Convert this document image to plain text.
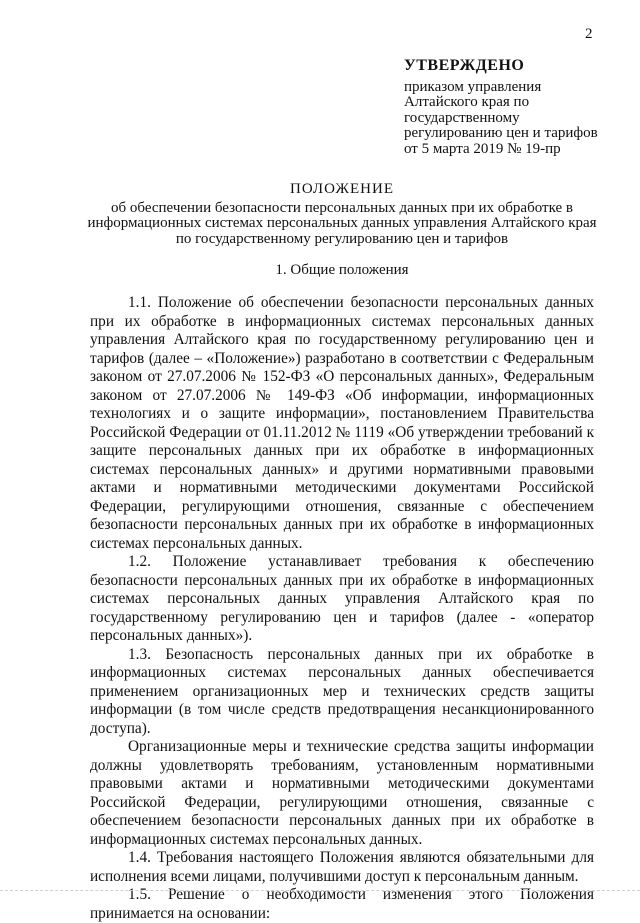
2
УТВЕРЖДЕНО
приказом управления
Алтайского края по
государственному
регулированию цен и тарифов
от 5 марта 2019 № 19-пр
ПОЛОЖЕНИЕ
об обеспечении безопасности персональных данных при их обработке в
информационных системах персональных данных управления Алтайского края
по государственному регулированию цен и тарифов
1. Общие положения

1.1. Положение об обеспечении безопасности персональных данных при их обработке в информационных системах персональных данных управления Алтайского края по государственному регулированию цен и тарифов (далее – «Положение») разработано в соответствии с Федеральным законом от 27.07.2006 № 152-ФЗ «О персональных данных», Федеральным законом от 27.07.2006 № 149-ФЗ «Об информации, информационных технологиях и о защите информации», постановлением Правительства Российской Федерации от 01.11.2012 № 1119 «Об утверждении требований к защите персональных данных при их обработке в информационных системах персональных данных» и другими нормативными правовыми актами и нормативными методическими документами Российской Федерации, регулирующими отношения, связанные с обеспечением безопасности персональных данных при их обработке в информационных системах персональных данных.

1.2. Положение устанавливает требования к обеспечению безопасности персональных данных при их обработке в информационных системах персональных данных управления Алтайского края по государственному регулированию цен и тарифов (далее - «оператор персональных данных»).

1.3. Безопасность персональных данных при их обработке в информационных системах персональных данных обеспечивается применением организационных мер и технических средств защиты информации (в том числе средств предотвращения несанкционированного доступа).

Организационные меры и технические средства защиты информации должны удовлетворять требованиям, установленным нормативными правовыми актами и нормативными методическими документами Российской Федерации, регулирующими отношения, связанные с обеспечением безопасности персональных данных при их обработке в информационных системах персональных данных.

1.4. Требования настоящего Положения являются обязательными для исполнения всеми лицами, получившими доступ к персональным данным.

1.5. Решение о необходимости изменения этого Положения принимается на основании:
